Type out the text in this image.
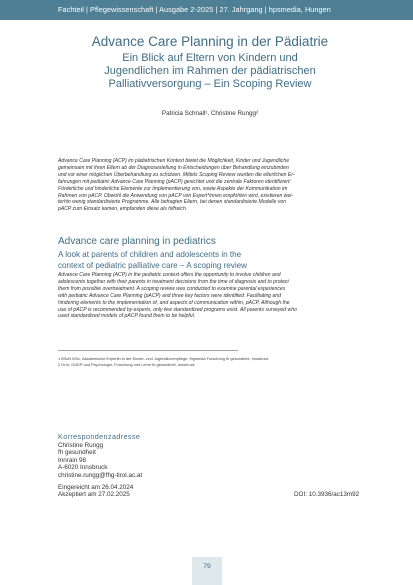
Fachteil | Pflegewissenschaft | Ausgabe 2-2025 | 27. Jahrgang | hpsmedia, Hungen
Advance Care Planning in der Pädiatrie
Ein Blick auf Eltern von Kindern und
Jugendlichen im Rahmen der pädiatrischen
Palliativversorgung – Ein Scoping Review
Patricia Schnall¹, Christine Rungg²
Advance Care Planning (ACP) im pädiatrischen Kontext bietet die Möglichkeit, Kinder und Jugendliche
gemeinsam mit ihren Eltern ab der Diagnosestellung in Entscheidungen über Behandlung einzubinden
und vor einer möglichen Überbehandlung zu schützen. Mittels Scoping Review wurden die elterlichen Er-
fahrungen mit pediatric Advance Care Planning (pACP) gesichtet und die zentrale Faktoren identifiziert:
Förderliche und hinderliche Elemente zur Implementierung von, sowie Aspekte der Kommunikation im
Rahmen von pACP. Obwohl die Anwendung von pACP von Expert*innen empfohlen wird, existieren wei-
terhin wenig standardisierte Programme. Alle befragten Eltern, bei denen standardisierte Modelle von
pACP zum Einsatz kamen, empfanden diese als hilfreich.
Advance care planning in pediatrics
A look at parents of children and adolescents in the
context of pediatric palliative care – A scoping review
Advance Care Planning (ACP) in the pediatric context offers the opportunity to involve children and
adolescents together with their parents in treatment decisions from the time of diagnosis and to protect
them from possible overtreatment. A scoping review was conducted to examine parental experiences
with pediatric Advance Care Planning (pACP) and three key factors were identified: Facilitating and
hindering elements to the implementation of, and aspects of communication within, pACP. Although the
use of pACP is recommended by experts, only few standardized programs exist. All parents surveyed who
used standardized models of pACP found them to be helpful.
1 BScN MSc, Akademische Expertin in der Kinder- und Jugendlichenpflege, fhgmedia Forschung fh gesundheit, Innsbruck
2 Dr.in, DGKP und Psychologin, Forschung und Lehre fh gesundheit, Innsbruck
Korrespondenzadresse
Christine Rungg
fh gesundheit
Innrain 98
A-6020 Innsbruck
christine.rungg@fhg-tirol.ac.at
Eingereicht am 26.04.2024
Akzeptiert am 27.02.2025	DOI: 10.3936/ac13m92
79
